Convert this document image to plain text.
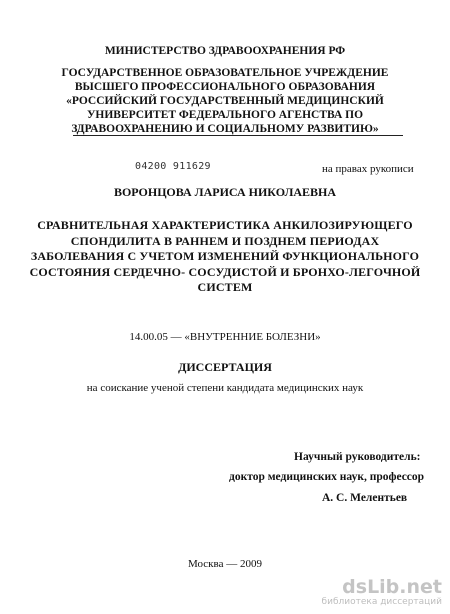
МИНИСТЕРСТВО ЗДРАВООХРАНЕНИЯ РФ
ГОСУДАРСТВЕННОЕ ОБРАЗОВАТЕЛЬНОЕ УЧРЕЖДЕНИЕ
ВЫСШЕГО ПРОФЕССИОНАЛЬНОГО ОБРАЗОВАНИЯ
«РОССИЙСКИЙ ГОСУДАРСТВЕННЫЙ МЕДИЦИНСКИЙ
УНИВЕРСИТЕТ ФЕДЕРАЛЬНОГО АГЕНСТВА ПО
ЗДРАВООХРАНЕНИЮ И СОЦИАЛЬНОМУ РАЗВИТИЮ»
04200 911629	на правах рукописи
ВОРОНЦОВА ЛАРИСА НИКОЛАЕВНА
СРАВНИТЕЛЬНАЯ ХАРАКТЕРИСТИКА АНКИЛОЗИРУЮЩЕГО
СПОНДИЛИТА В РАННЕМ И ПОЗДНЕМ ПЕРИОДАХ
ЗАБОЛЕВАНИЯ С УЧЕТОМ ИЗМЕНЕНИЙ ФУНКЦИОНАЛЬНОГО
СОСТОЯНИЯ СЕРДЕЧНО- СОСУДИСТОЙ И БРОНХО-ЛЕГОЧНОЙ
СИСТЕМ
14.00.05 — «ВНУТРЕННИЕ БОЛЕЗНИ»
ДИССЕРТАЦИЯ
на соискание ученой степени кандидата медицинских наук
Научный руководитель:
доктор медицинских наук, профессор
А. С. Мелентьев
Москва — 2009
dsLib.net
библиотека диссертаций
